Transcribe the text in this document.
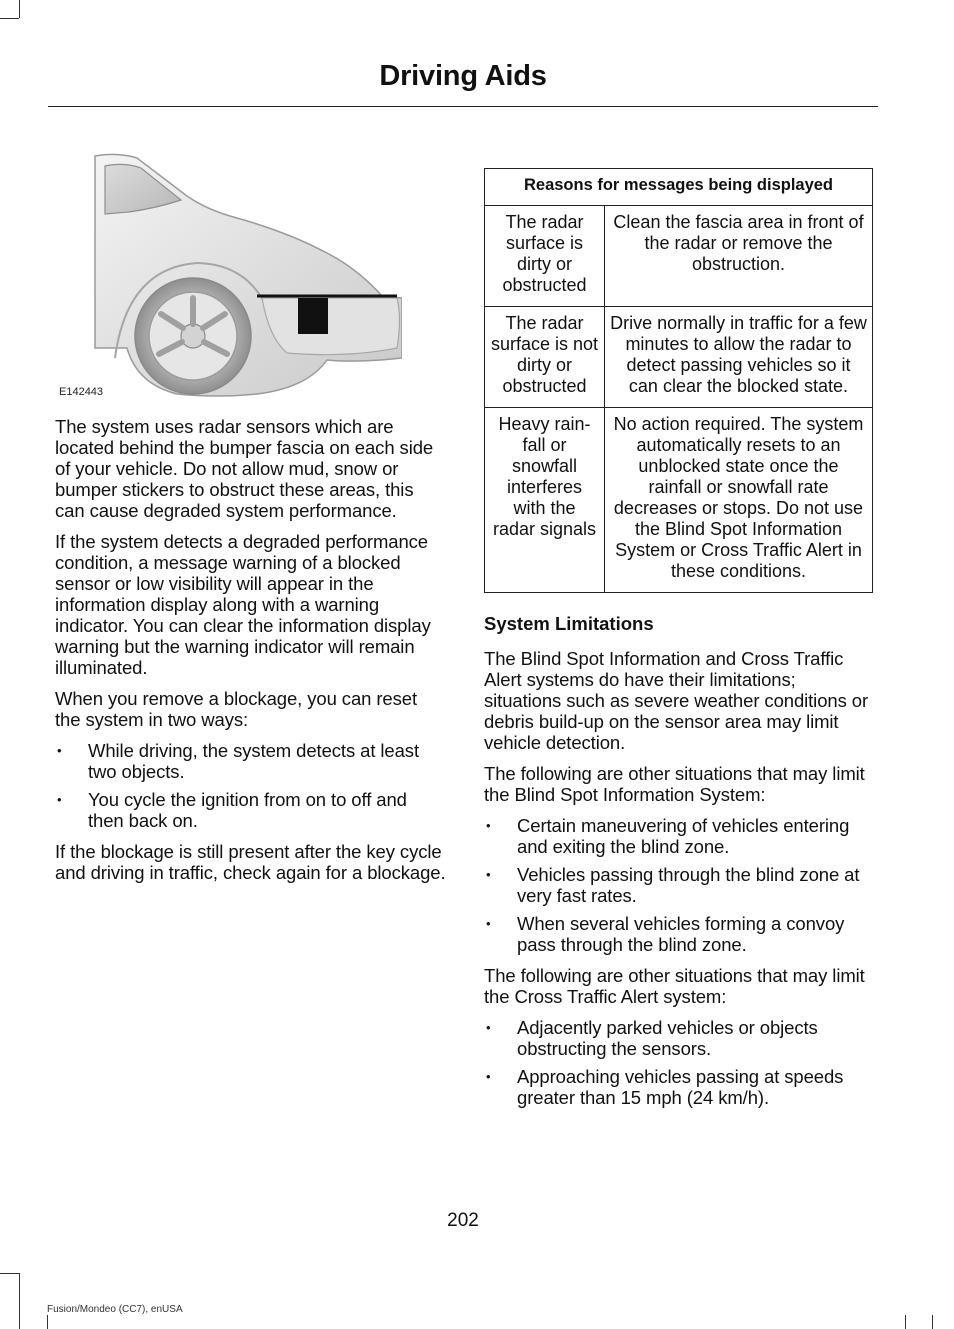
Driving Aids
E142443

The system uses radar sensors which are located behind the bumper fascia on each side of your vehicle. Do not allow mud, snow or bumper stickers to obstruct these areas, this can cause degraded system performance.

If the system detects a degraded performance condition, a message warning of a blocked sensor or low visibility will appear in the information display along with a warning indicator. You can clear the information display warning but the warning indicator will remain illuminated.

When you remove a blockage, you can reset the system in two ways:

• While driving, the system detects at least two objects.
• You cycle the ignition from on to off and then back on.

If the blockage is still present after the key cycle and driving in traffic, check again for a blockage.

Reasons for messages being displayed	
The radar surface is dirty or obstructed	Clean the fascia area in front of the radar or remove the obstruction.
The radar surface is not dirty or obstructed	Drive normally in traffic for a few minutes to allow the radar to detect passing vehicles so it can clear the blocked state.
Heavy rain-fall or snowfall interferes with the radar signals	No action required. The system automatically resets to an unblocked state once the rainfall or snowfall rate decreases or stops. Do not use the Blind Spot Information System or Cross Traffic Alert in these conditions.
System Limitations

The Blind Spot Information and Cross Traffic Alert systems do have their limitations; situations such as severe weather conditions or debris build-up on the sensor area may limit vehicle detection.

The following are other situations that may limit the Blind Spot Information System:

• Certain maneuvering of vehicles entering and exiting the blind zone.
• Vehicles passing through the blind zone at very fast rates.
• When several vehicles forming a convoy pass through the blind zone.

The following are other situations that may limit the Cross Traffic Alert system:

• Adjacently parked vehicles or objects obstructing the sensors.
• Approaching vehicles passing at speeds greater than 15 mph (24 km/h).
202
Fusion/Mondeo (CC7), enUSA
